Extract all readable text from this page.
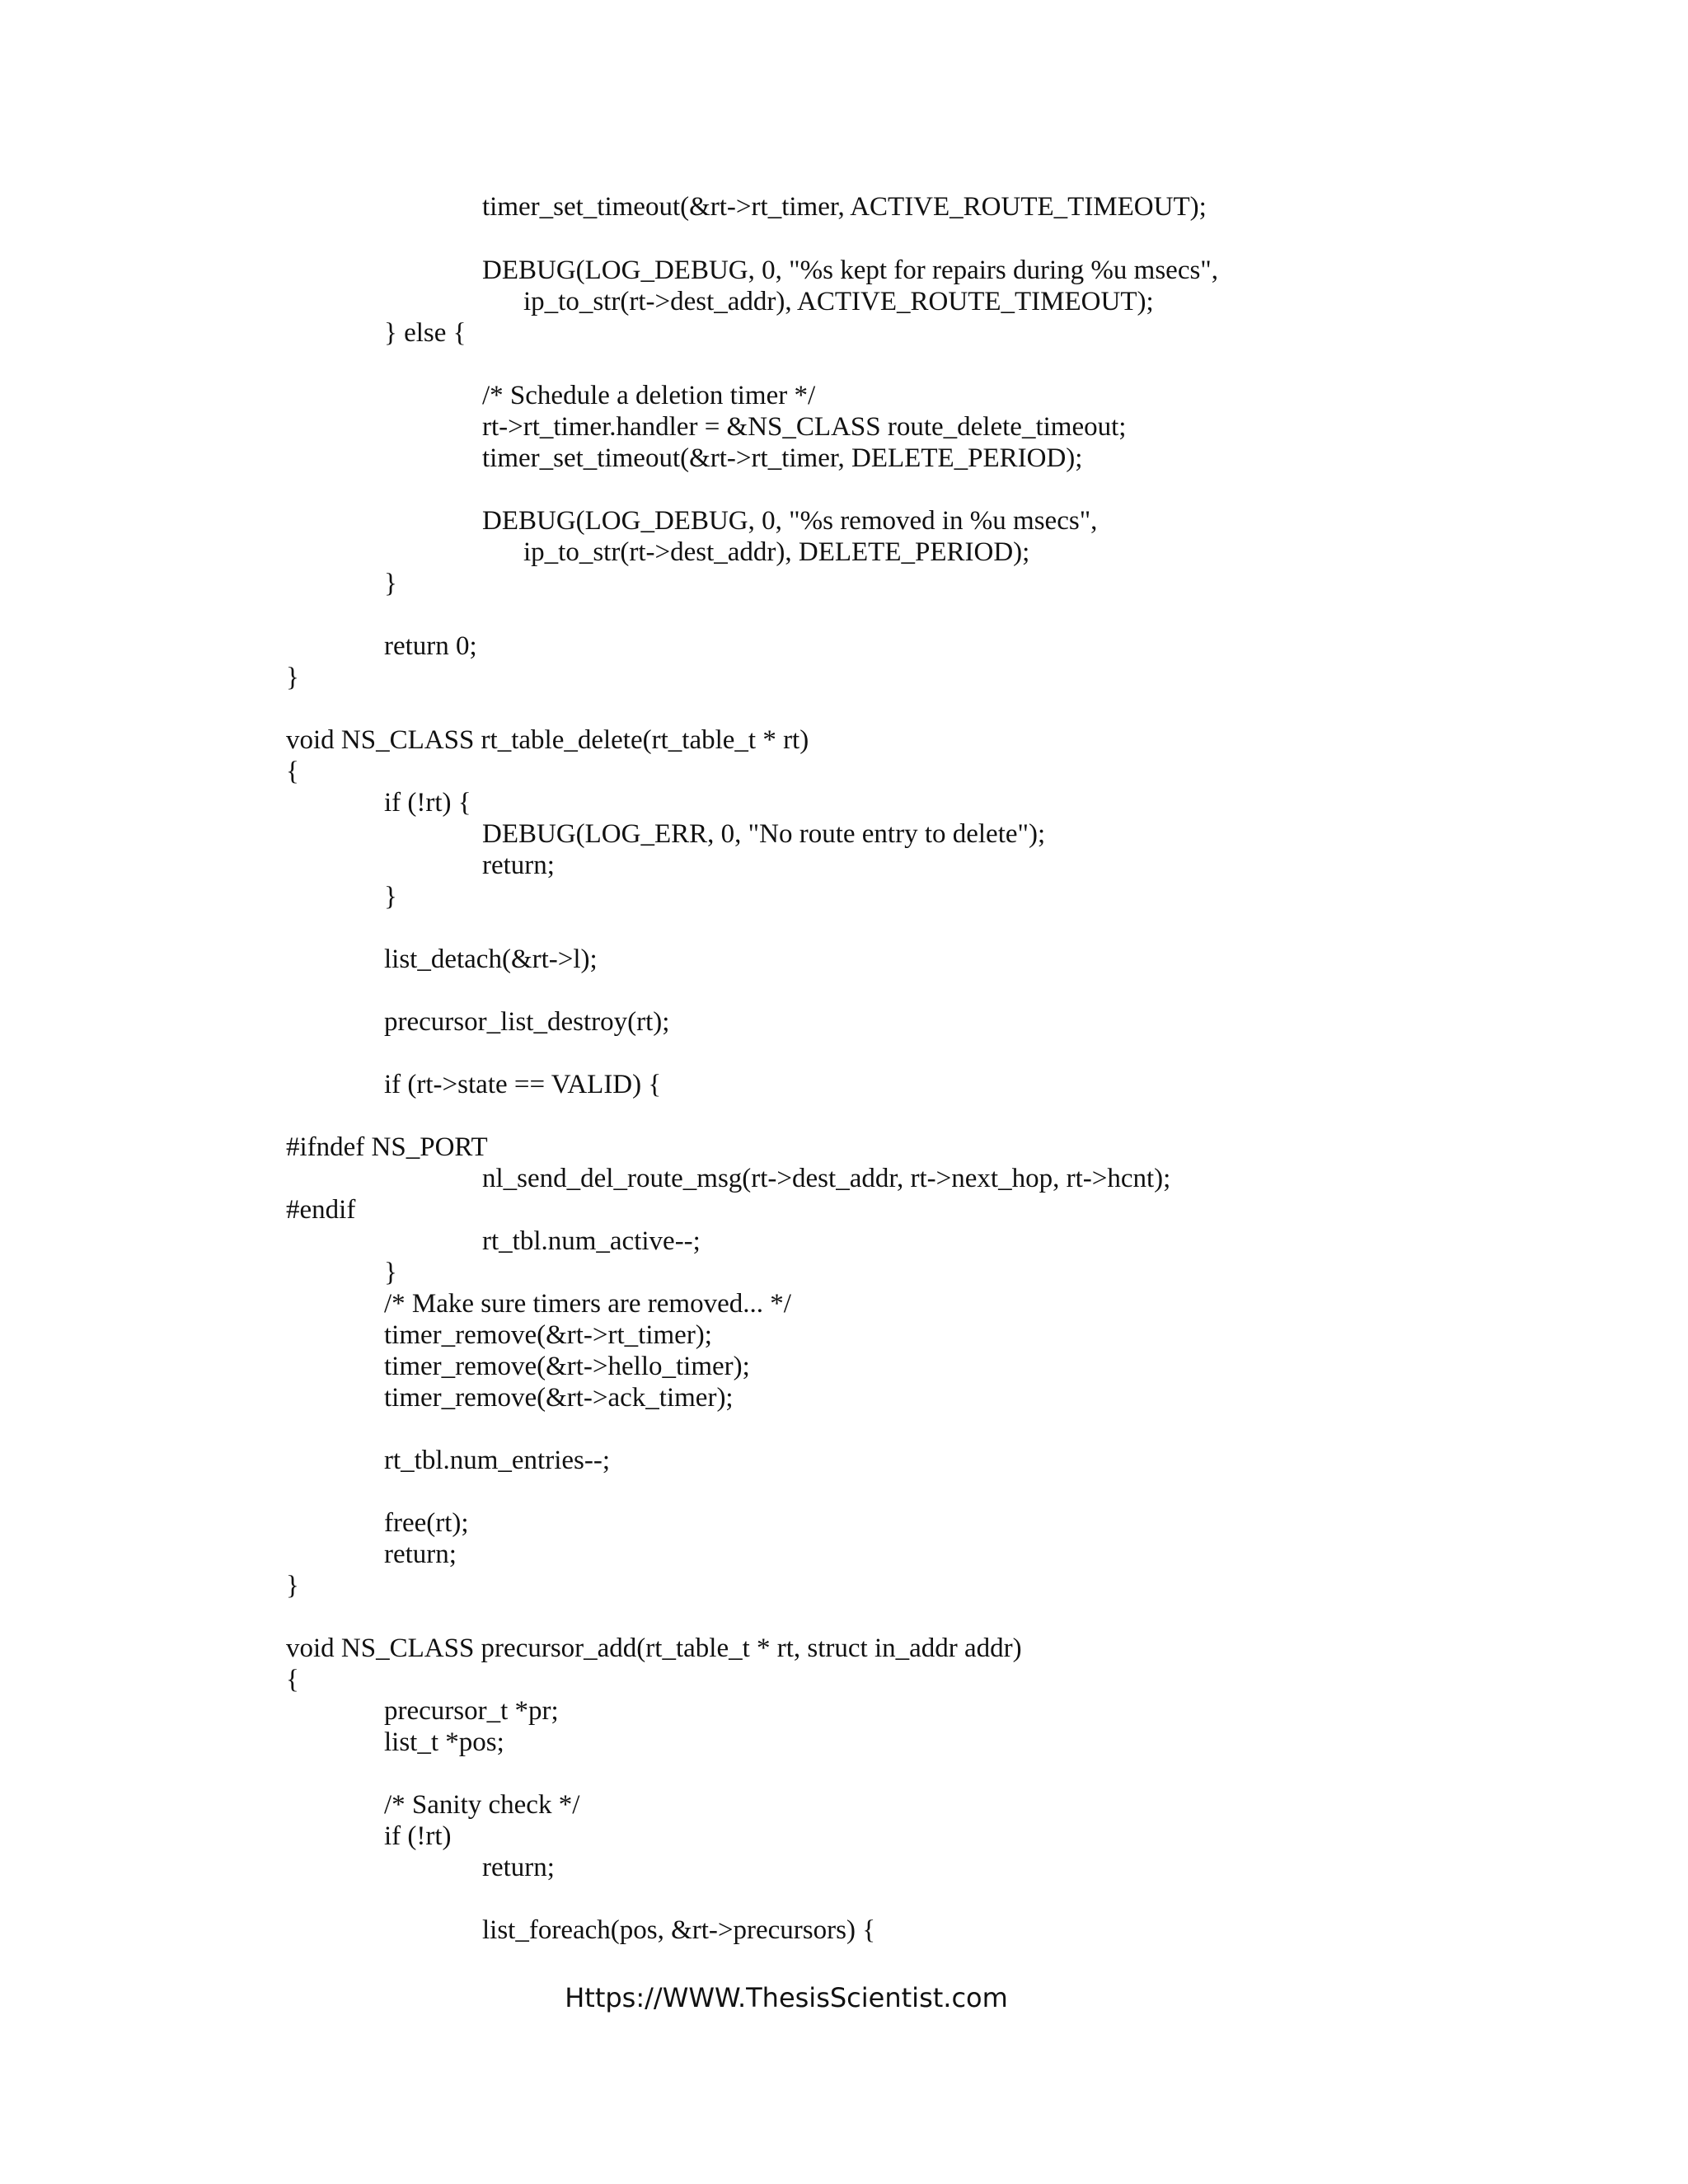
timer_set_timeout(&rt->rt_timer, ACTIVE_ROUTE_TIMEOUT);
DEBUG(LOG_DEBUG, 0, "%s kept for repairs during %u msecs",
ip_to_str(rt->dest_addr), ACTIVE_ROUTE_TIMEOUT);
} else {
/* Schedule a deletion timer */
rt->rt_timer.handler = &NS_CLASS route_delete_timeout;
timer_set_timeout(&rt->rt_timer, DELETE_PERIOD);
DEBUG(LOG_DEBUG, 0, "%s removed in %u msecs",
ip_to_str(rt->dest_addr), DELETE_PERIOD);
}
return 0;
}
void NS_CLASS rt_table_delete(rt_table_t * rt)
{
if (!rt) {
DEBUG(LOG_ERR, 0, "No route entry to delete");
return;
}
list_detach(&rt->l);
precursor_list_destroy(rt);
if (rt->state == VALID) {
#ifndef NS_PORT
nl_send_del_route_msg(rt->dest_addr, rt->next_hop, rt->hcnt);
#endif
rt_tbl.num_active--;
}
/* Make sure timers are removed... */
timer_remove(&rt->rt_timer);
timer_remove(&rt->hello_timer);
timer_remove(&rt->ack_timer);
rt_tbl.num_entries--;
free(rt);
return;
}
void NS_CLASS precursor_add(rt_table_t * rt, struct in_addr addr)
{
precursor_t *pr;
list_t *pos;
/* Sanity check */
if (!rt)
return;
list_foreach(pos, &rt->precursors) {
Https://WWW.ThesisScientist.com
